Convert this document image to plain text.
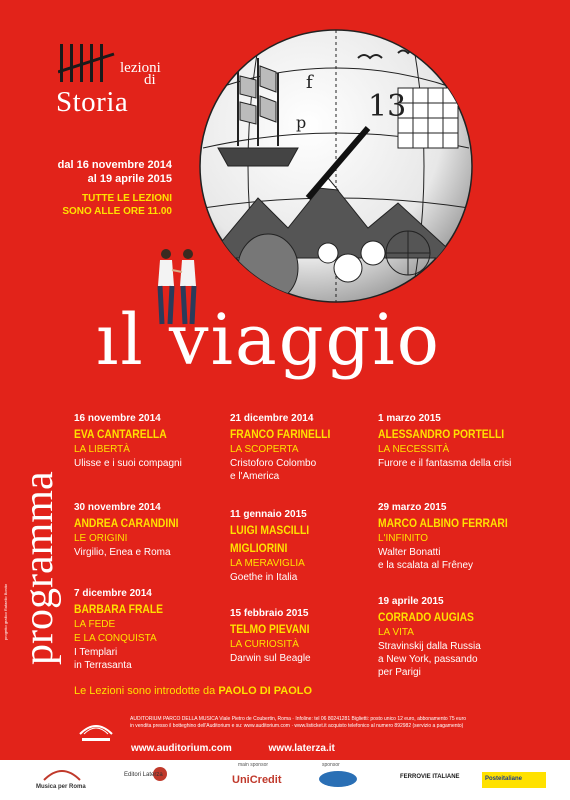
lezioni
di
Storia
dal 16 novembre 2014
al 19 aprile 2015
TUTTE LE LEZIONI
SONO ALLE ORE 11.00
13
f
p
ıl viaggio
programma
progetto grafico Rafaello Bonito
16 novembre 2014
EVA CANTARELLA
LA LIBERTÀ
Ulisse e i suoi compagni
30 novembre 2014
ANDREA CARANDINI
LE ORIGINI
Virgilio, Enea e Roma
7 dicembre 2014
BARBARA FRALE
LA FEDE
E LA CONQUISTA
I Templari
in Terrasanta
21 dicembre 2014
FRANCO FARINELLI
LA SCOPERTA
Cristoforo Colombo
e l'America
11 gennaio 2015
LUIGI MASCILLI MIGLIORINI
LA MERAVIGLIA
Goethe in Italia
15 febbraio 2015
TELMO PIEVANI
LA CURIOSITÀ
Darwin sul Beagle
1 marzo 2015
ALESSANDRO PORTELLI
LA NECESSITÀ
Furore e il fantasma della crisi
29 marzo 2015
MARCO ALBINO FERRARI
L'INFINITO
Walter Bonatti
e la scalata al Frêney
19 aprile 2015
CORRADO AUGIAS
LA VITA
Stravinskij dalla Russia
a New York, passando
per Parigi
Le Lezioni sono introdotte da PAOLO DI PAOLO
AUDITORIUM PARCO DELLA MUSICA Viale Pietro de Coubertin, Roma · Infoline: tel 06 80241281 Biglietti: posto unico 12 euro, abbonamento 75 euro
in vendita presso il botteghino dell'Auditorium e su: www.auditorium.com · www.listicket.it acquisto telefonico al numero 892982 (servizio a pagamento)
www.auditorium.com	www.laterza.it
Musica per Roma
Editori Laterza
main sponsor
UniCredit
sponsor
FERROVIE ITALIANE	Posteitaliane
